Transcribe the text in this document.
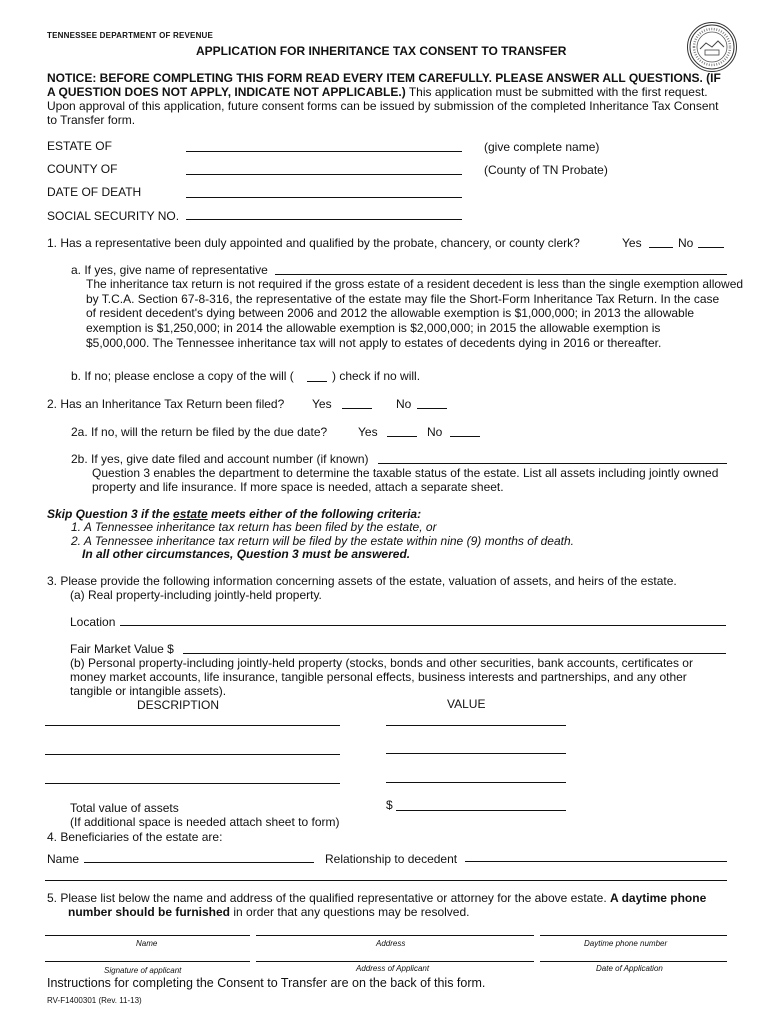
TENNESSEE DEPARTMENT OF REVENUE
APPLICATION FOR INHERITANCE TAX CONSENT TO TRANSFER
NOTICE: BEFORE COMPLETING THIS FORM READ EVERY ITEM CAREFULLY. PLEASE ANSWER ALL QUESTIONS. (IF
A QUESTION DOES NOT APPLY, INDICATE NOT APPLICABLE.) This application must be submitted with the first request.
Upon approval of this application, future consent forms can be issued by submission of the completed Inheritance Tax Consent
to Transfer form.
ESTATE OF	(give complete name)
COUNTY OF	(County of TN Probate)
DATE OF DEATH
SOCIAL SECURITY NO.
1. Has a representative been duly appointed and qualified by the probate, chancery, or county clerk?	Yes	No
a. If yes, give name of representative
The inheritance tax return is not required if the gross estate of a resident decedent is less than the single exemption allowed
by T.C.A. Section 67-8-316, the representative of the estate may file the Short-Form Inheritance Tax Return. In the case
of resident decedent's dying between 2006 and 2012 the allowable exemption is $1,000,000; in 2013 the allowable
exemption is $1,250,000; in 2014 the allowable exemption is $2,000,000; in 2015 the allowable exemption is
$5,000,000. The Tennessee inheritance tax will not apply to estates of decedents dying in 2016 or thereafter.
b. If no; please enclose a copy of the will (	) check if no will.
2. Has an Inheritance Tax Return been filed? Yes	No
2a. If no, will the return be filed by the due date?	Yes	No
2b. If yes, give date filed and account number (if known)
Question 3 enables the department to determine the taxable status of the estate. List all assets including jointly owned
property and life insurance. If more space is needed, attach a separate sheet.
Skip Question 3 if the estate meets either of the following criteria:
1. A Tennessee inheritance tax return has been filed by the estate, or
2. A Tennessee inheritance tax return will be filed by the estate within nine (9) months of death.
In all other circumstances, Question 3 must be answered.
3. Please provide the following information concerning assets of the estate, valuation of assets, and heirs of the estate.
(a) Real property-including jointly-held property.
Location
Fair Market Value $
(b) Personal property-including jointly-held property (stocks, bonds and other securities, bank accounts, certificates or
money market accounts, life insurance, tangible personal effects, business interests and partnerships, and any other
tangible or intangible assets).
DESCRIPTION	VALUE
$
Total value of assets
(If additional space is needed attach sheet to form)
4. Beneficiaries of the estate are:
Name	Relationship to decedent
5. Please list below the name and address of the qualified representative or attorney for the above estate. A daytime phone
number should be furnished in order that any questions may be resolved.
Name	Address	Daytime phone number
Signature of applicant	Address of Applicant	Date of Application
Instructions for completing the Consent to Transfer are on the back of this form.
RV-F1400301 (Rev. 11-13)
